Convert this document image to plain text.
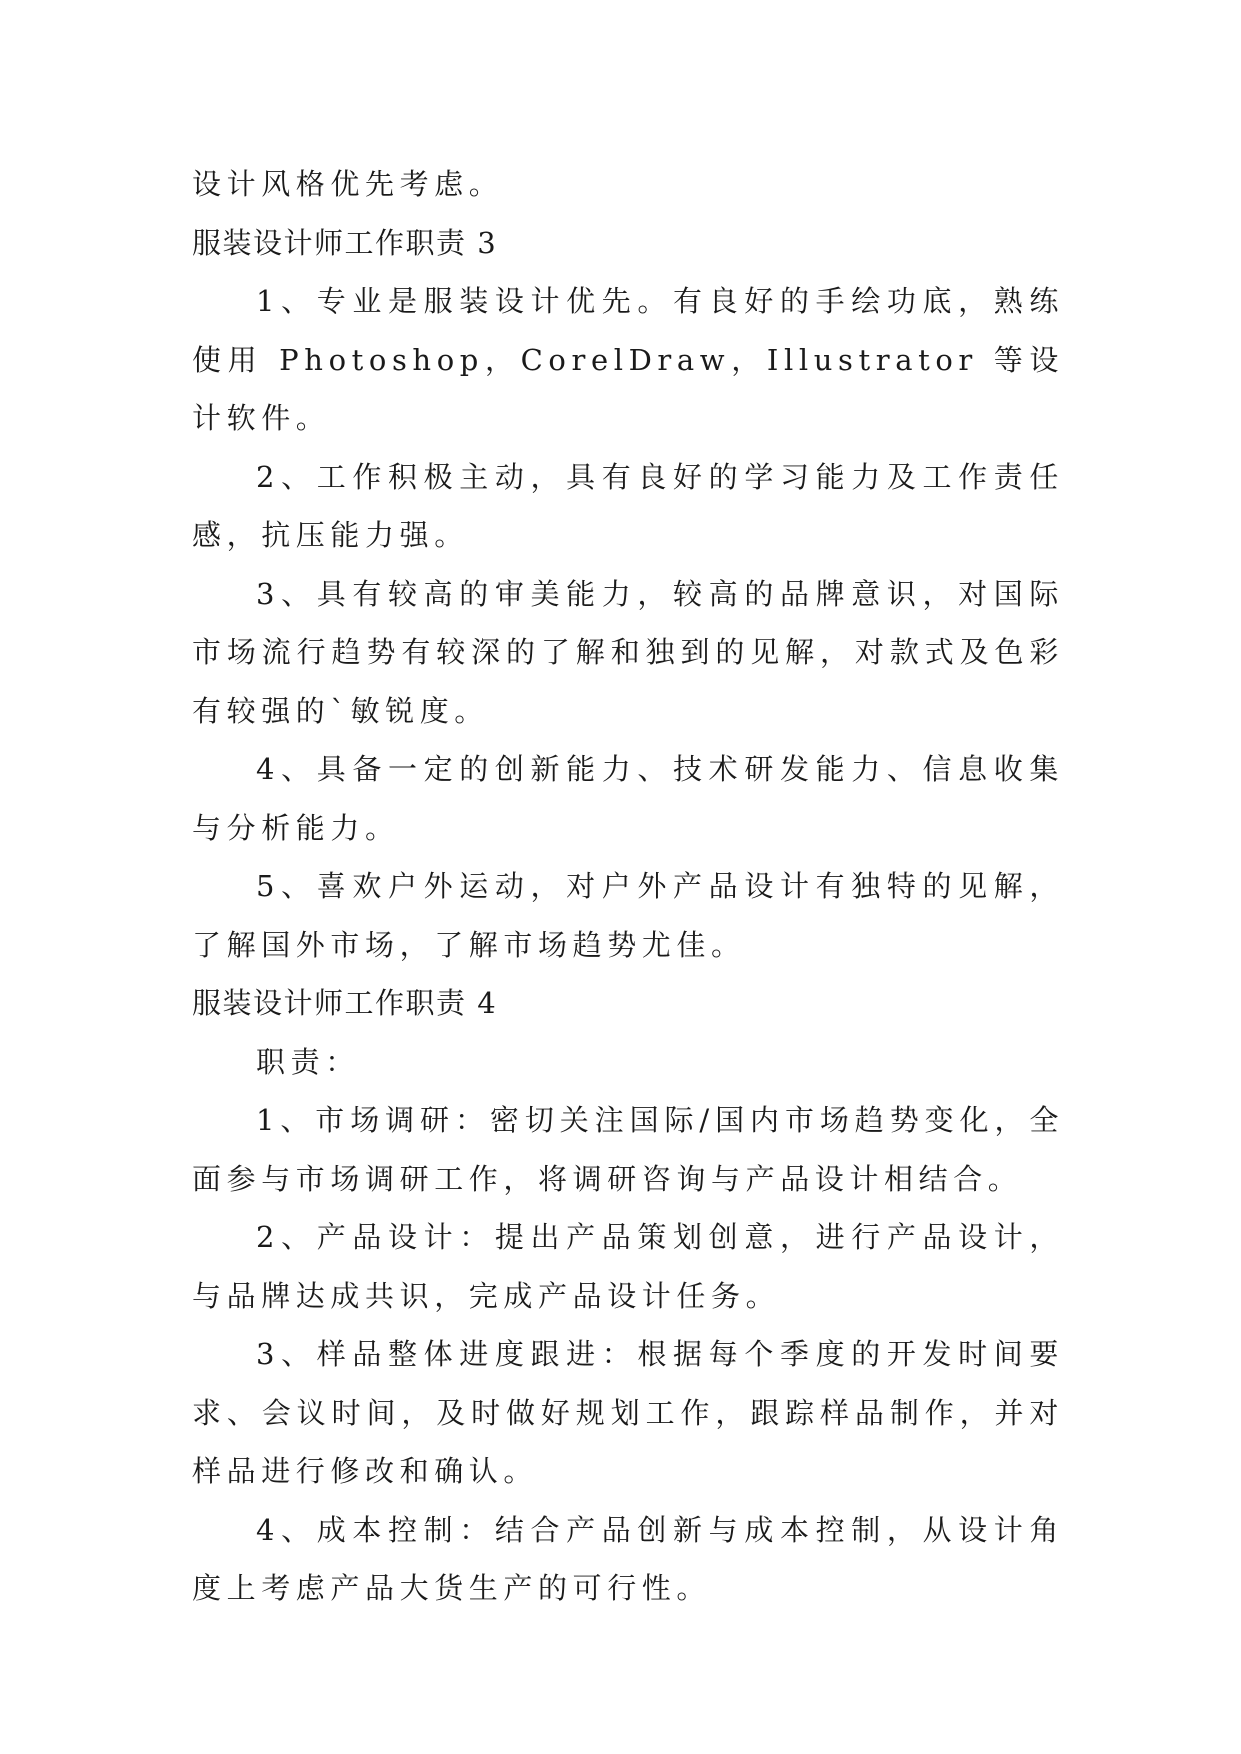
设计风格优先考虑。

服装设计师工作职责 3

1、专业是服装设计优先。有良好的手绘功底，熟练使用 Photoshop，CorelDraw，Illustrator 等设计软件。

2、工作积极主动，具有良好的学习能力及工作责任感，抗压能力强。

3、具有较高的审美能力，较高的品牌意识，对国际市场流行趋势有较深的了解和独到的见解，对款式及色彩有较强的`敏锐度。

4、具备一定的创新能力、技术研发能力、信息收集与分析能力。

5、喜欢户外运动，对户外产品设计有独特的见解，了解国外市场，了解市场趋势尤佳。

服装设计师工作职责 4

职责：

1、市场调研：密切关注国际/国内市场趋势变化，全面参与市场调研工作，将调研咨询与产品设计相结合。

2、产品设计：提出产品策划创意，进行产品设计，与品牌达成共识，完成产品设计任务。

3、样品整体进度跟进：根据每个季度的开发时间要求、会议时间，及时做好规划工作，跟踪样品制作，并对样品进行修改和确认。

4、成本控制：结合产品创新与成本控制，从设计角度上考虑产品大货生产的可行性。
